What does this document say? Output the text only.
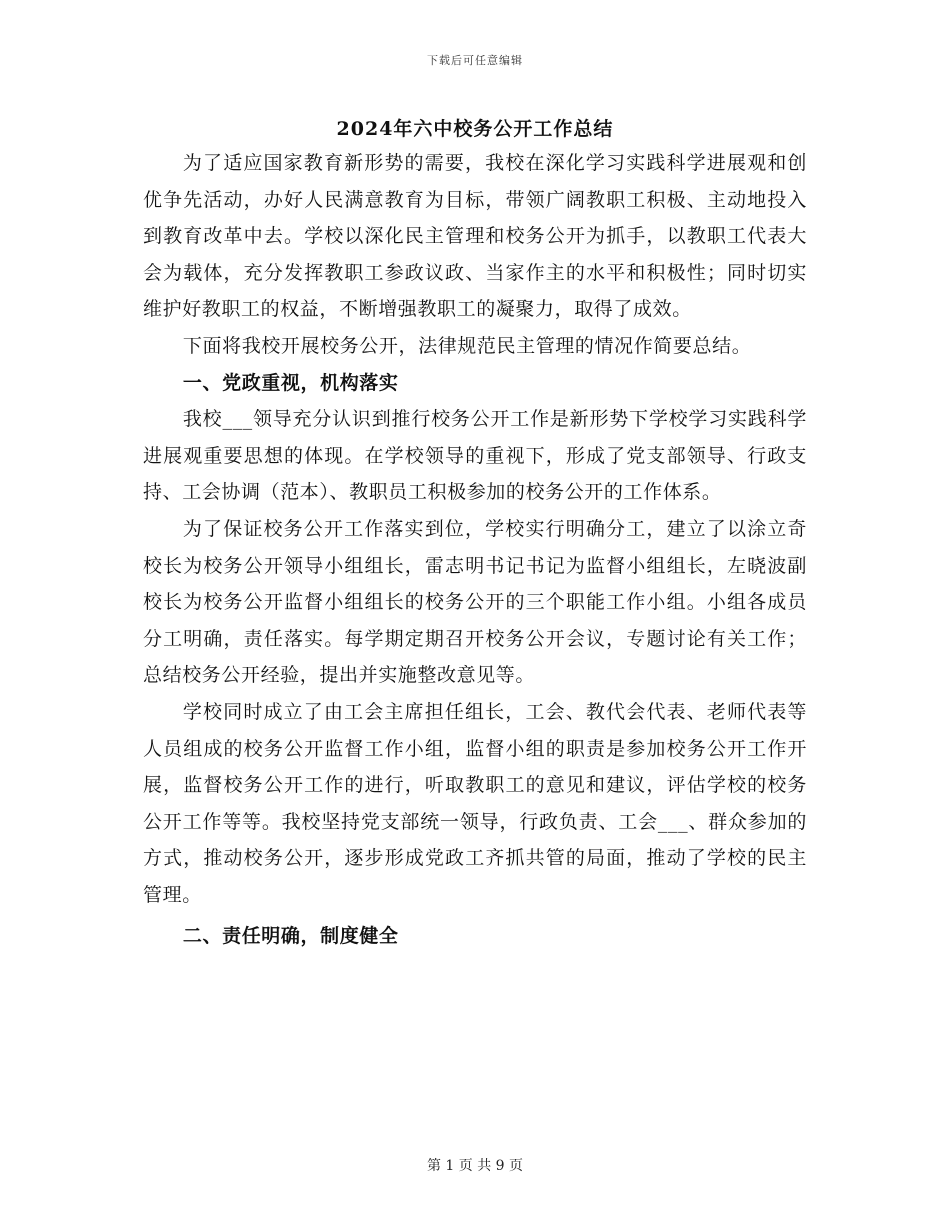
下载后可任意编辑
2024年六中校务公开工作总结

为了适应国家教育新形势的需要，我校在深化学习实践科学进展观和创优争先活动，办好人民满意教育为目标，带领广阔教职工积极、主动地投入到教育改革中去。学校以深化民主管理和校务公开为抓手，以教职工代表大会为载体，充分发挥教职工参政议政、当家作主的水平和积极性；同时切实维护好教职工的权益，不断增强教职工的凝聚力，取得了成效。

下面将我校开展校务公开，法律规范民主管理的情况作简要总结。

一、党政重视，机构落实

我校___领导充分认识到推行校务公开工作是新形势下学校学习实践科学进展观重要思想的体现。在学校领导的重视下，形成了党支部领导、行政支持、工会协调（范本）、教职员工积极参加的校务公开的工作体系。

为了保证校务公开工作落实到位，学校实行明确分工，建立了以涂立奇校长为校务公开领导小组组长，雷志明书记书记为监督小组组长，左晓波副校长为校务公开监督小组组长的校务公开的三个职能工作小组。小组各成员分工明确，责任落实。每学期定期召开校务公开会议，专题讨论有关工作；总结校务公开经验，提出并实施整改意见等。

学校同时成立了由工会主席担任组长，工会、教代会代表、老师代表等人员组成的校务公开监督工作小组，监督小组的职责是参加校务公开工作开展，监督校务公开工作的进行，听取教职工的意见和建议，评估学校的校务公开工作等等。我校坚持党支部统一领导，行政负责、工会___、群众参加的方式，推动校务公开，逐步形成党政工齐抓共管的局面，推动了学校的民主管理。

二、责任明确，制度健全
第 1 页 共 9 页
